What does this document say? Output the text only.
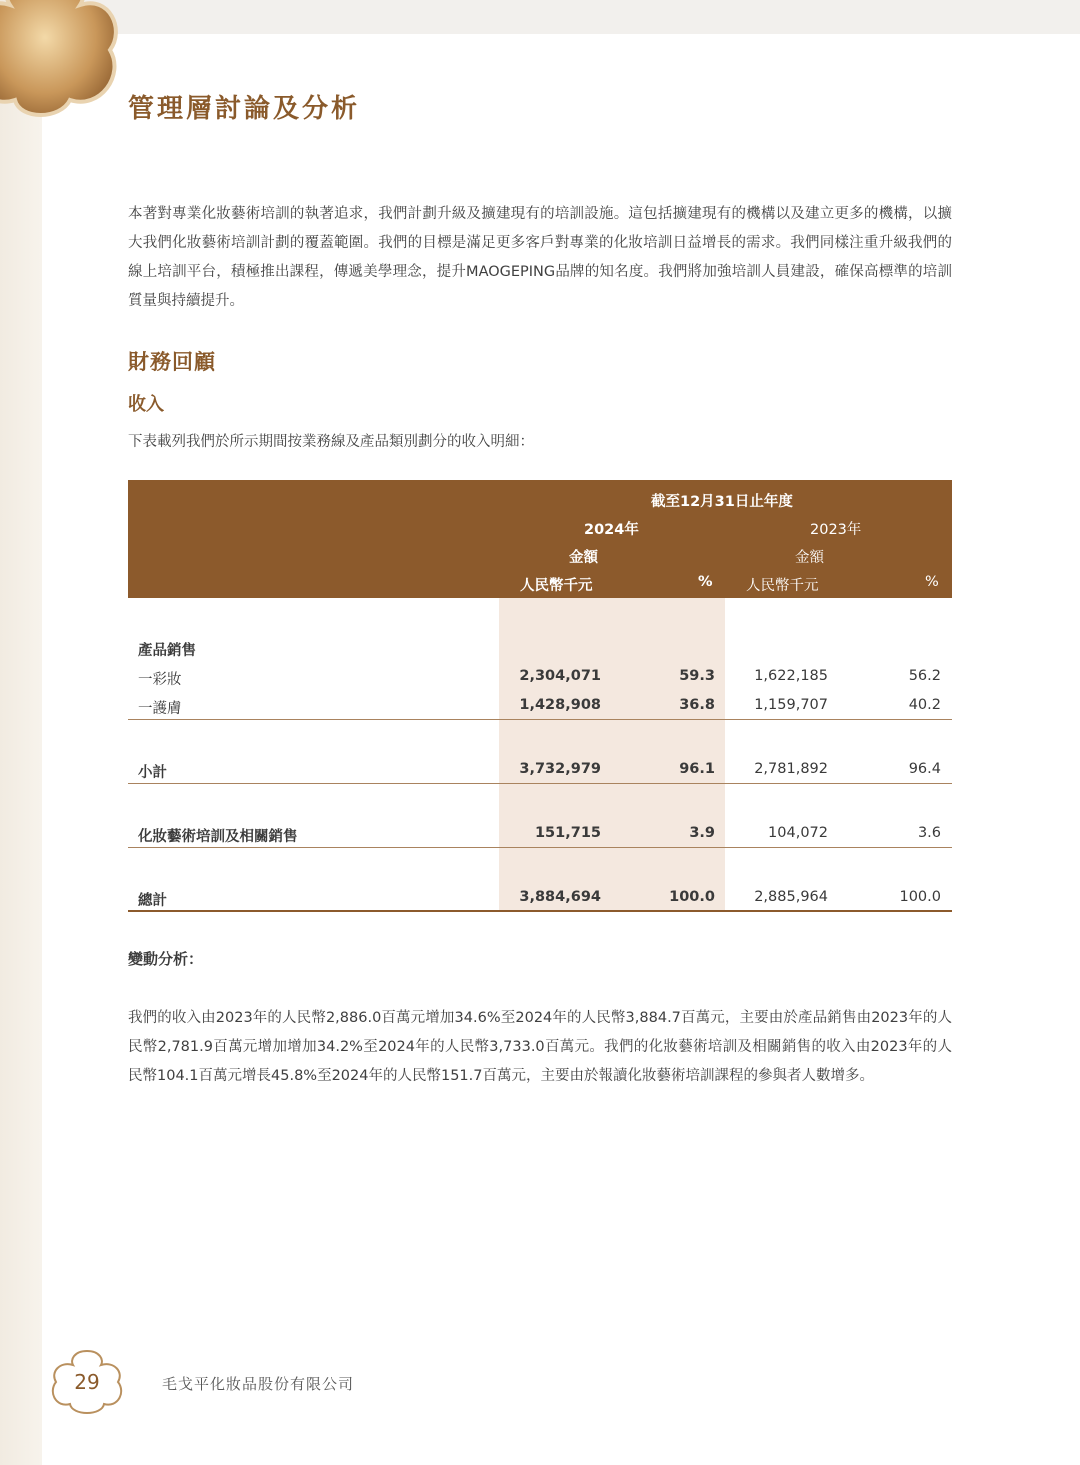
管理層討論及分析
本著對專業化妝藝術培訓的執著追求，我們計劃升級及擴建現有的培訓設施。這包括擴建現有的機構以及建立更多的機構，以擴大我們化妝藝術培訓計劃的覆蓋範圍。我們的目標是滿足更多客戶對專業的化妝培訓日益增長的需求。我們同樣注重升級我們的線上培訓平台，積極推出課程，傳遞美學理念，提升MAOGEPING品牌的知名度。我們將加強培訓人員建設，確保高標準的培訓質量與持續提升。
財務回顧
收入
下表載列我們於所示期間按業務線及產品類別劃分的收入明細：
截至12月31日止年度
2024年	2023年
金額	金額
人民幣千元	% 人民幣千元	%
產品銷售
一彩妝	2,304,071	59.3	1,622,185	56.2
一護膚	1,428,908	36.8	1,159,707	40.2
小計	3,732,979	96.1	2,781,892	96.4
化妝藝術培訓及相關銷售	151,715	3.9	104,072	3.6
總計	3,884,694	100.0	2,885,964	100.0
變動分析：
我們的收入由2023年的人民幣2,886.0百萬元增加34.6%至2024年的人民幣3,884.7百萬元，主要由於產品銷售由2023年的人民幣2,781.9百萬元增加增加34.2%至2024年的人民幣3,733.0百萬元。我們的化妝藝術培訓及相關銷售的收入由2023年的人民幣104.1百萬元增長45.8%至2024年的人民幣151.7百萬元，主要由於報讀化妝藝術培訓課程的參與者人數增多。
29	毛戈平化妝品股份有限公司
